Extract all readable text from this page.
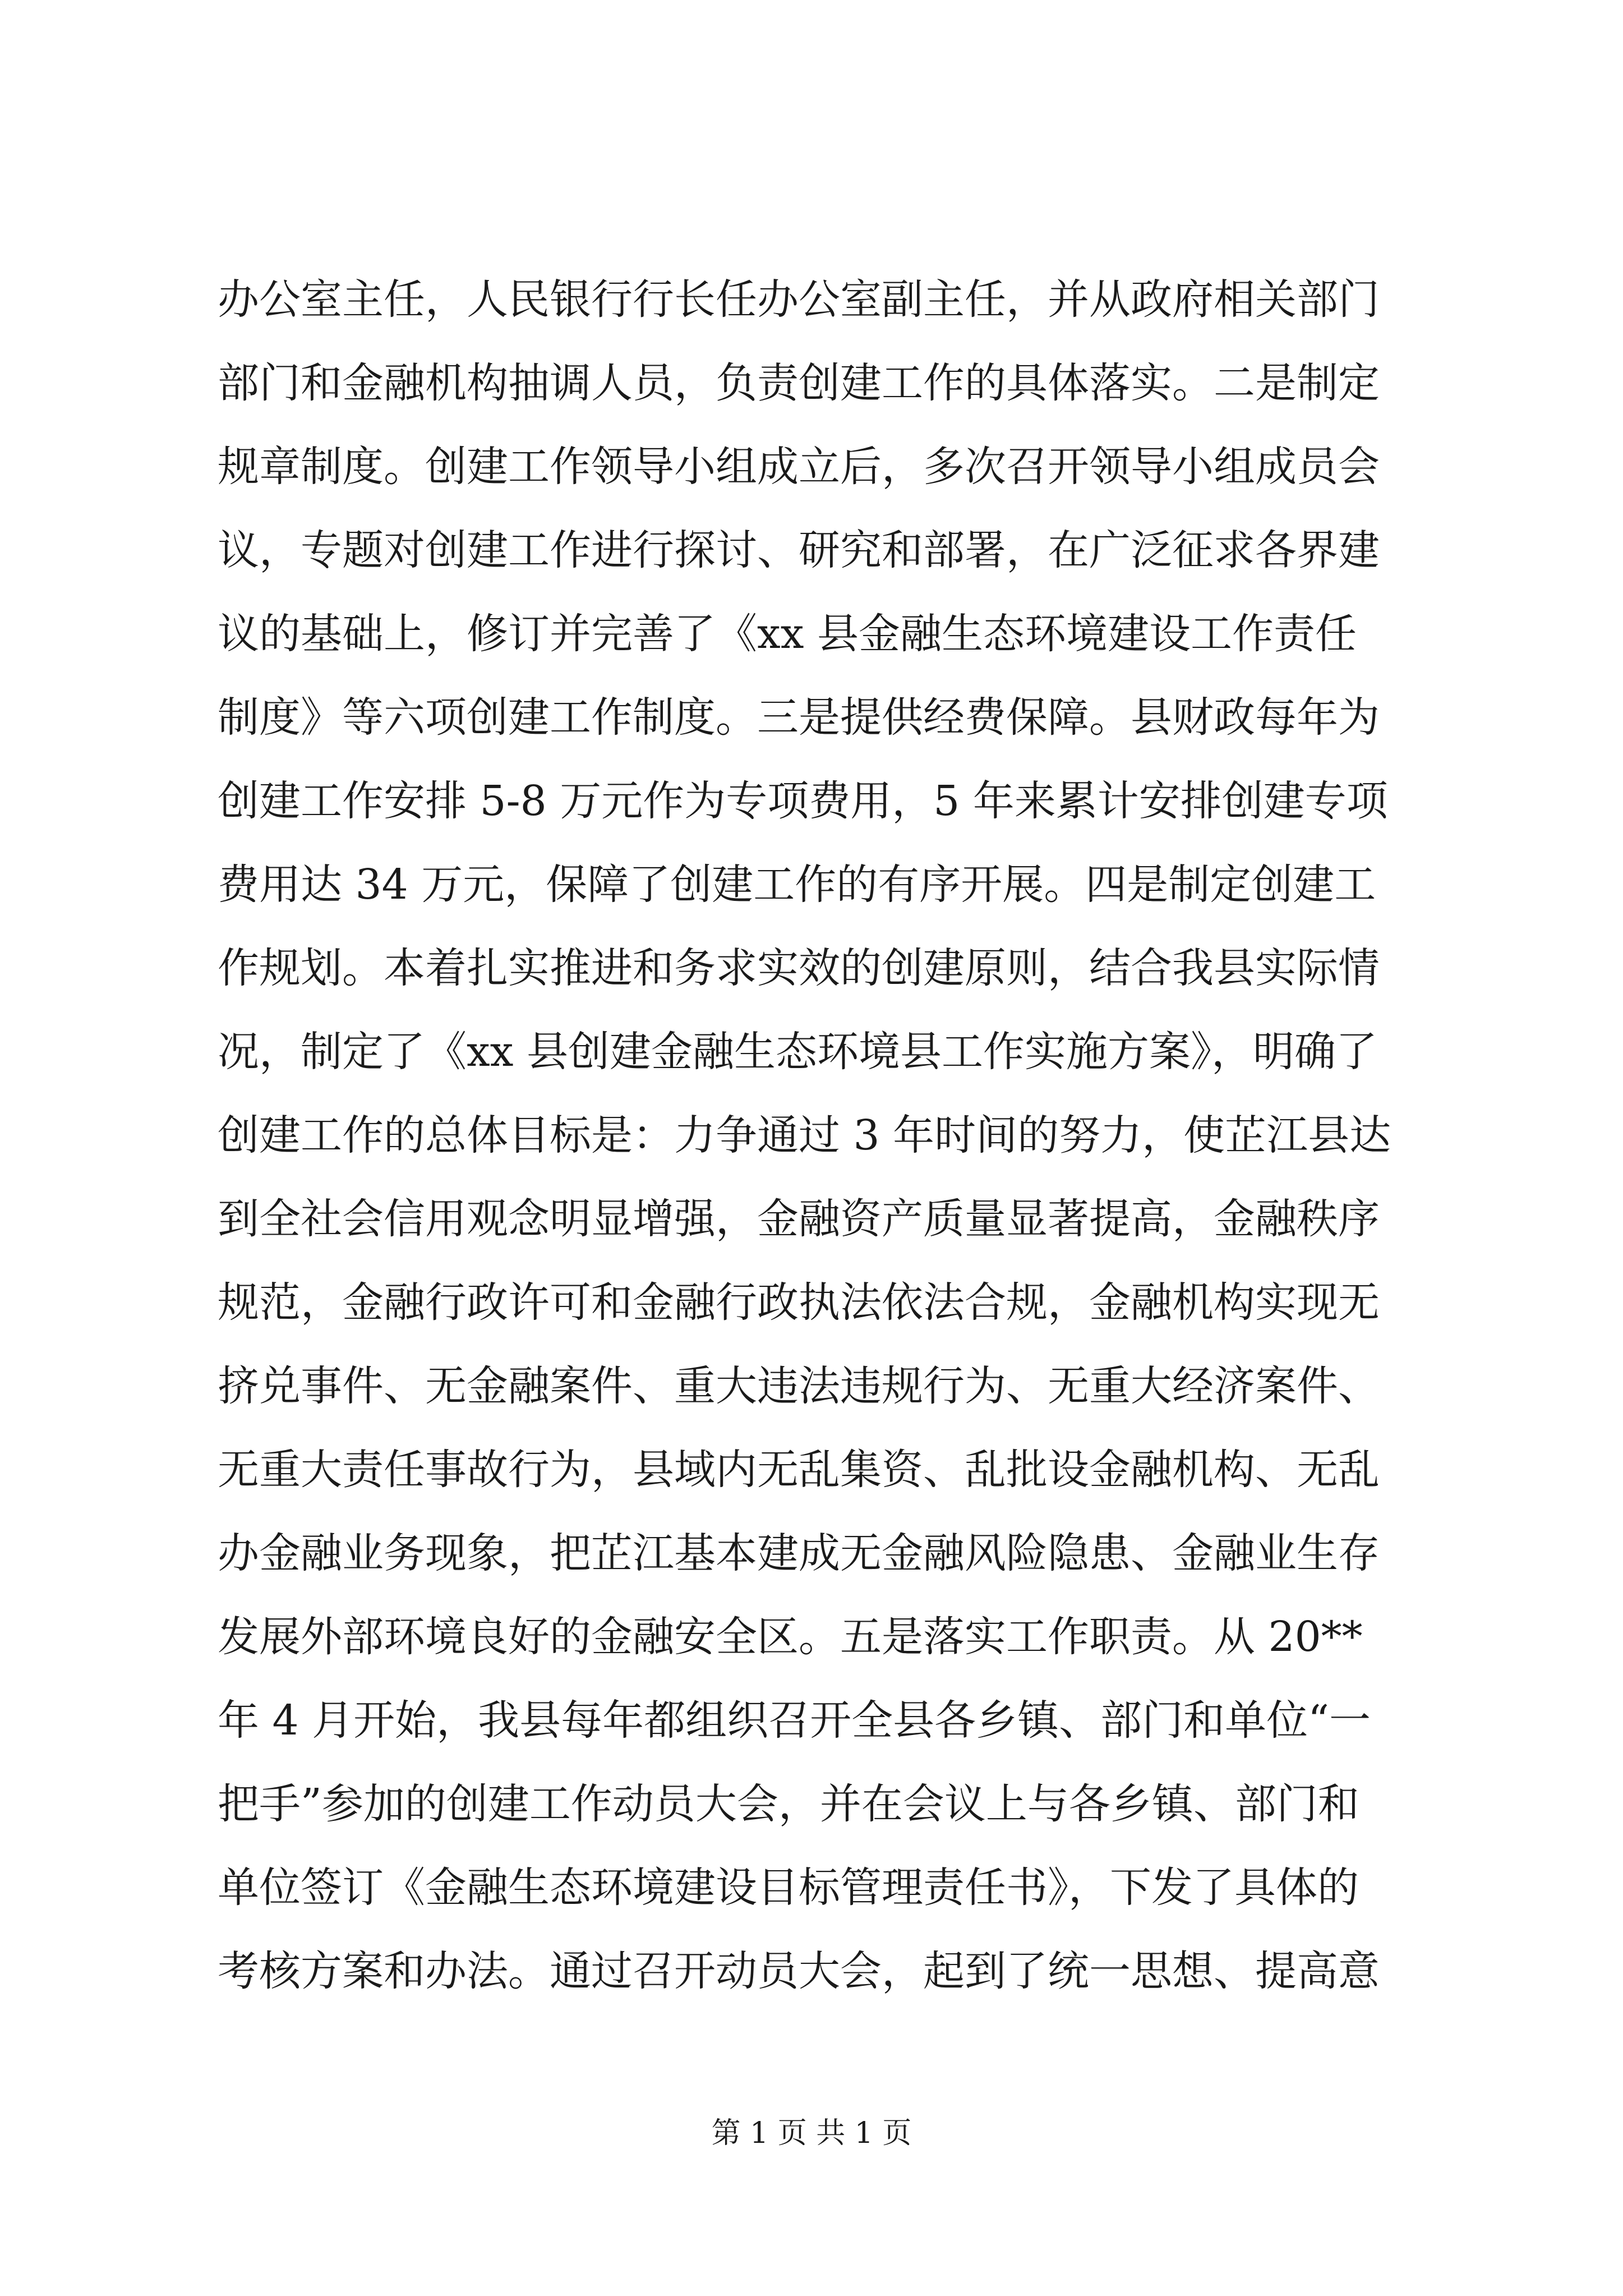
办公室主任，人民银行行长任办公室副主任，并从政府相关部门
部门和金融机构抽调人员，负责创建工作的具体落实。二是制定
规章制度。创建工作领导小组成立后，多次召开领导小组成员会
议，专题对创建工作进行探讨、研究和部署，在广泛征求各界建
议的基础上，修订并完善了《xx 县金融生态环境建设工作责任
制度》等六项创建工作制度。三是提供经费保障。县财政每年为
创建工作安排 5-8 万元作为专项费用，5 年来累计安排创建专项
费用达 34 万元，保障了创建工作的有序开展。四是制定创建工
作规划。本着扎实推进和务求实效的创建原则，结合我县实际情
况，制定了《xx 县创建金融生态环境县工作实施方案》，明确了
创建工作的总体目标是：力争通过 3 年时间的努力，使芷江县达
到全社会信用观念明显增强，金融资产质量显著提高，金融秩序
规范，金融行政许可和金融行政执法依法合规，金融机构实现无
挤兑事件、无金融案件、重大违法违规行为、无重大经济案件、
无重大责任事故行为，县域内无乱集资、乱批设金融机构、无乱
办金融业务现象，把芷江基本建成无金融风险隐患、金融业生存
发展外部环境良好的金融安全区。五是落实工作职责。从 20**
年 4 月开始，我县每年都组织召开全县各乡镇、部门和单位“一
把手”参加的创建工作动员大会，并在会议上与各乡镇、部门和
单位签订《金融生态环境建设目标管理责任书》，下发了具体的
考核方案和办法。通过召开动员大会，起到了统一思想、提高意
第 1 页 共 1 页
